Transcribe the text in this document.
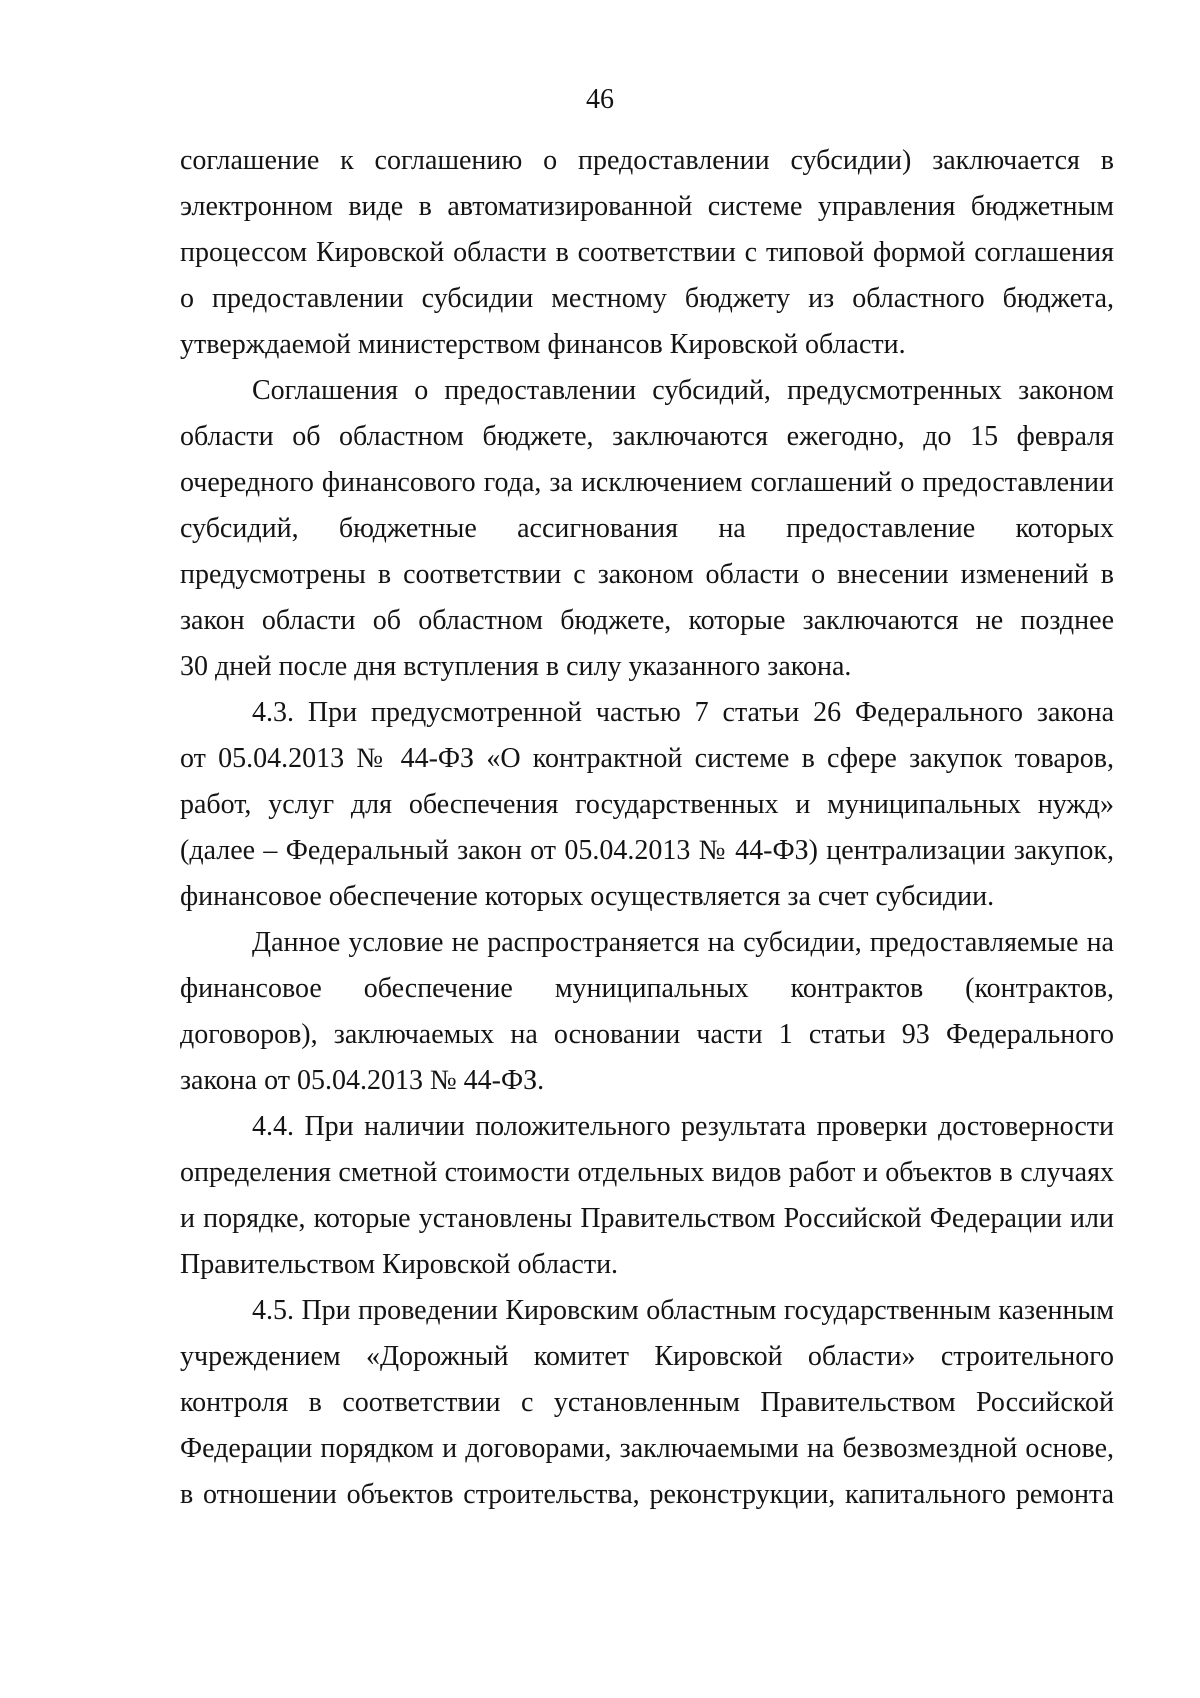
46
соглашение к соглашению о предоставлении субсидии) заключается в
электронном виде в автоматизированной системе управления бюджетным
процессом Кировской области в соответствии с типовой формой соглашения
о предоставлении субсидии местному бюджету из областного бюджета,
утверждаемой министерством финансов Кировской области.
Соглашения о предоставлении субсидий, предусмотренных законом
области об областном бюджете, заключаются ежегодно, до 15 февраля
очередного финансового года, за исключением соглашений о предоставлении
субсидий, бюджетные ассигнования на предоставление которых
предусмотрены в соответствии с законом области о внесении изменений в
закон области об областном бюджете, которые заключаются не позднее
30 дней после дня вступления в силу указанного закона.
4.3. При предусмотренной частью 7 статьи 26 Федерального закона
от 05.04.2013 № 44-ФЗ «О контрактной системе в сфере закупок товаров,
работ, услуг для обеспечения государственных и муниципальных нужд»
(далее – Федеральный закон от 05.04.2013 № 44-ФЗ) централизации закупок,
финансовое обеспечение которых осуществляется за счет субсидии.
Данное условие не распространяется на субсидии, предоставляемые на
финансовое обеспечение муниципальных контрактов (контрактов,
договоров), заключаемых на основании части 1 статьи 93 Федерального
закона от 05.04.2013 № 44-ФЗ.
4.4. При наличии положительного результата проверки достоверности
определения сметной стоимости отдельных видов работ и объектов в случаях
и порядке, которые установлены Правительством Российской Федерации или
Правительством Кировской области.
4.5. При проведении Кировским областным государственным казенным
учреждением «Дорожный комитет Кировской области» строительного
контроля в соответствии с установленным Правительством Российской
Федерации порядком и договорами, заключаемыми на безвозмездной основе,
в отношении объектов строительства, реконструкции, капитального ремонта
